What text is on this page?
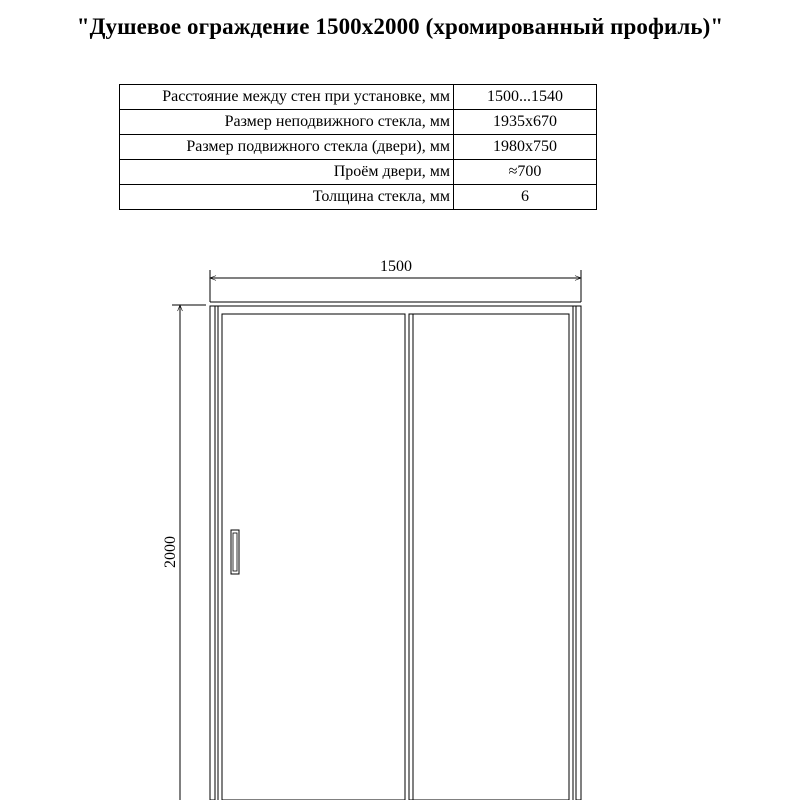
"Душевое ограждение 1500х2000 (хромированный профиль)"
Расстояние между стен при установке, мм	1500...1540
Размер неподвижного стекла, мм	1935х670
Размер подвижного стекла (двери), мм	1980х750
Проём двери, мм	≈700
Толщина стекла, мм	6
1500
2000
